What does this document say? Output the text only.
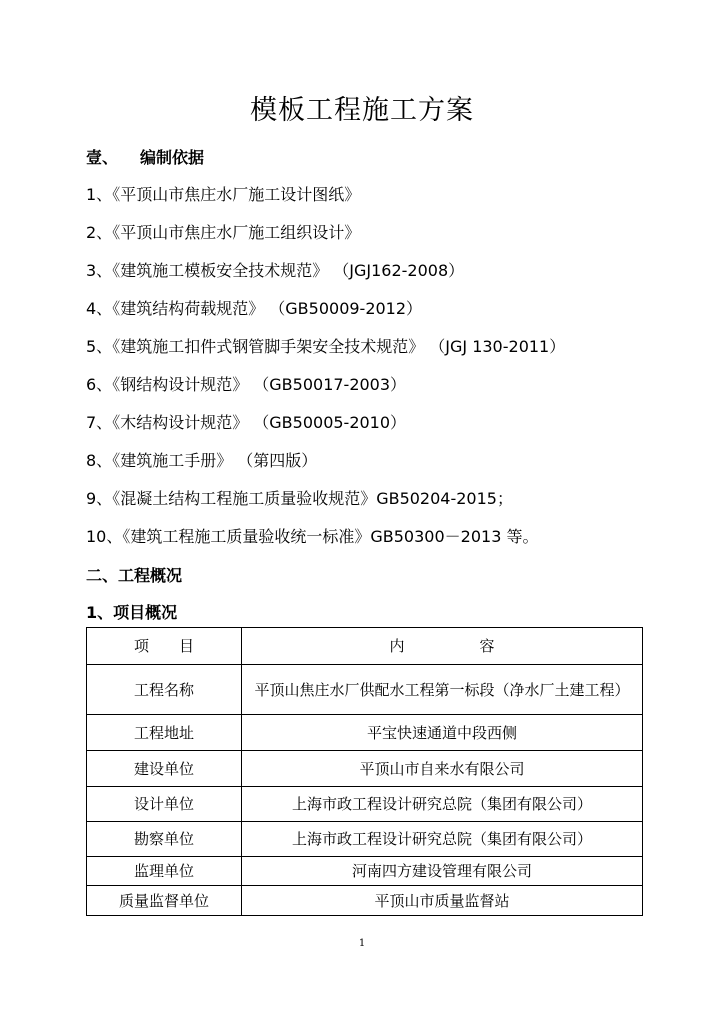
模板工程施工方案
壹、 编制依据
1、《平顶山市焦庄水厂施工设计图纸》
2、《平顶山市焦庄水厂施工组织设计》
3、《建筑施工模板安全技术规范》 （JGJ162-2008）
4、《建筑结构荷载规范》 （GB50009-2012）
5、《建筑施工扣件式钢管脚手架安全技术规范》 （JGJ 130-2011）
6、《钢结构设计规范》 （GB50017-2003）
7、《木结构设计规范》 （GB50005-2010）
8、《建筑施工手册》 （第四版）
9、《混凝土结构工程施工质量验收规范》GB50204-2015；
10、《建筑工程施工质量验收统一标准》GB50300－2013 等。
二、工程概况
1、项目概况
项　　目	内　　　　　容
工程名称	平顶山焦庄水厂供配水工程第一标段（净水厂土建工程）
工程地址	平宝快速通道中段西侧
建设单位	平顶山市自来水有限公司
设计单位	上海市政工程设计研究总院（集团有限公司）
勘察单位	上海市政工程设计研究总院（集团有限公司）
监理单位	河南四方建设管理有限公司
质量监督单位	平顶山市质量监督站
1
